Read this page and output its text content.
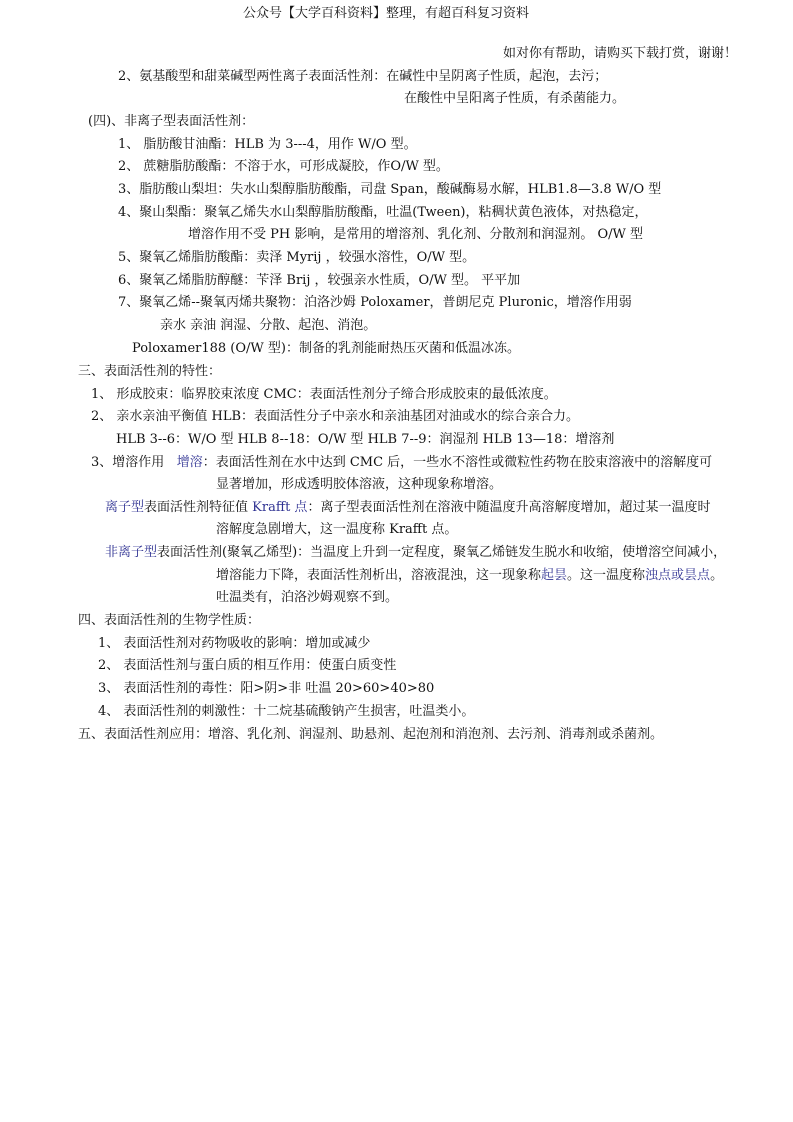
公众号【大学百科资料】整理，有超百科复习资料
如对你有帮助，请购买下载打赏，谢谢！
2、氨基酸型和甜菜碱型两性离子表面活性剂：在碱性中呈阴离子性质，起泡，去污；
在酸性中呈阳离子性质，有杀菌能力。
(四)、非离子型表面活性剂：
1、 脂肪酸甘油酯：HLB 为 3---4，用作 W/O 型。
2、 蔗糖脂肪酸酯：不溶于水，可形成凝胶，作O/W 型。
3、脂肪酸山梨坦：失水山梨醇脂肪酸酯，司盘 Span，酸碱酶易水解，HLB1.8—3.8 W/O 型
4、聚山梨酯：聚氧乙烯失水山梨醇脂肪酸酯，吐温(Tween)，粘稠状黄色液体，对热稳定，
增溶作用不受 PH 影响，是常用的增溶剂、乳化剂、分散剂和润湿剂。 O/W 型
5、聚氧乙烯脂肪酸酯：卖泽 Myrij ，较强水溶性，O/W 型。
6、聚氧乙烯脂肪醇醚：苄泽 Brij ，较强亲水性质，O/W 型。 平平加
7、聚氧乙烯--聚氧丙烯共聚物：泊洛沙姆 Poloxamer，普朗尼克 Pluronic，增溶作用弱
亲水 亲油 润湿、分散、起泡、消泡。
Poloxamer188 (O/W 型)：制备的乳剂能耐热压灭菌和低温冰冻。
三、表面活性剂的特性：
1、 形成胶束：临界胶束浓度 CMC：表面活性剂分子缔合形成胶束的最低浓度。
2、 亲水亲油平衡值 HLB：表面活性分子中亲水和亲油基团对油或水的综合亲合力。
HLB 3--6：W/O 型 HLB 8--18：O/W 型 HLB 7--9：润湿剂 HLB 13—18：增溶剂
3、增溶作用 增溶：表面活性剂在水中达到 CMC 后，一些水不溶性或微粒性药物在胶束溶液中的溶解度可
显著增加，形成透明胶体溶液，这种现象称增溶。
离子型表面活性剂特征值 Krafft 点：离子型表面活性剂在溶液中随温度升高溶解度增加，超过某一温度时
溶解度急剧增大，这一温度称 Krafft 点。
非离子型表面活性剂(聚氧乙烯型)：当温度上升到一定程度，聚氧乙烯链发生脱水和收缩，使增溶空间减小，
增溶能力下降，表面活性剂析出，溶液混浊，这一现象称起昙。这一温度称浊点或昙点。
吐温类有，泊洛沙姆观察不到。
四、表面活性剂的生物学性质：
1、 表面活性剂对药物吸收的影响：增加或减少
2、 表面活性剂与蛋白质的相互作用：使蛋白质变性
3、 表面活性剂的毒性：阳>阴>非 吐温 20>60>40>80
4、 表面活性剂的刺激性：十二烷基硫酸钠产生损害，吐温类小。
五、表面活性剂应用：增溶、乳化剂、润湿剂、助悬剂、起泡剂和消泡剂、去污剂、消毒剂或杀菌剂。
